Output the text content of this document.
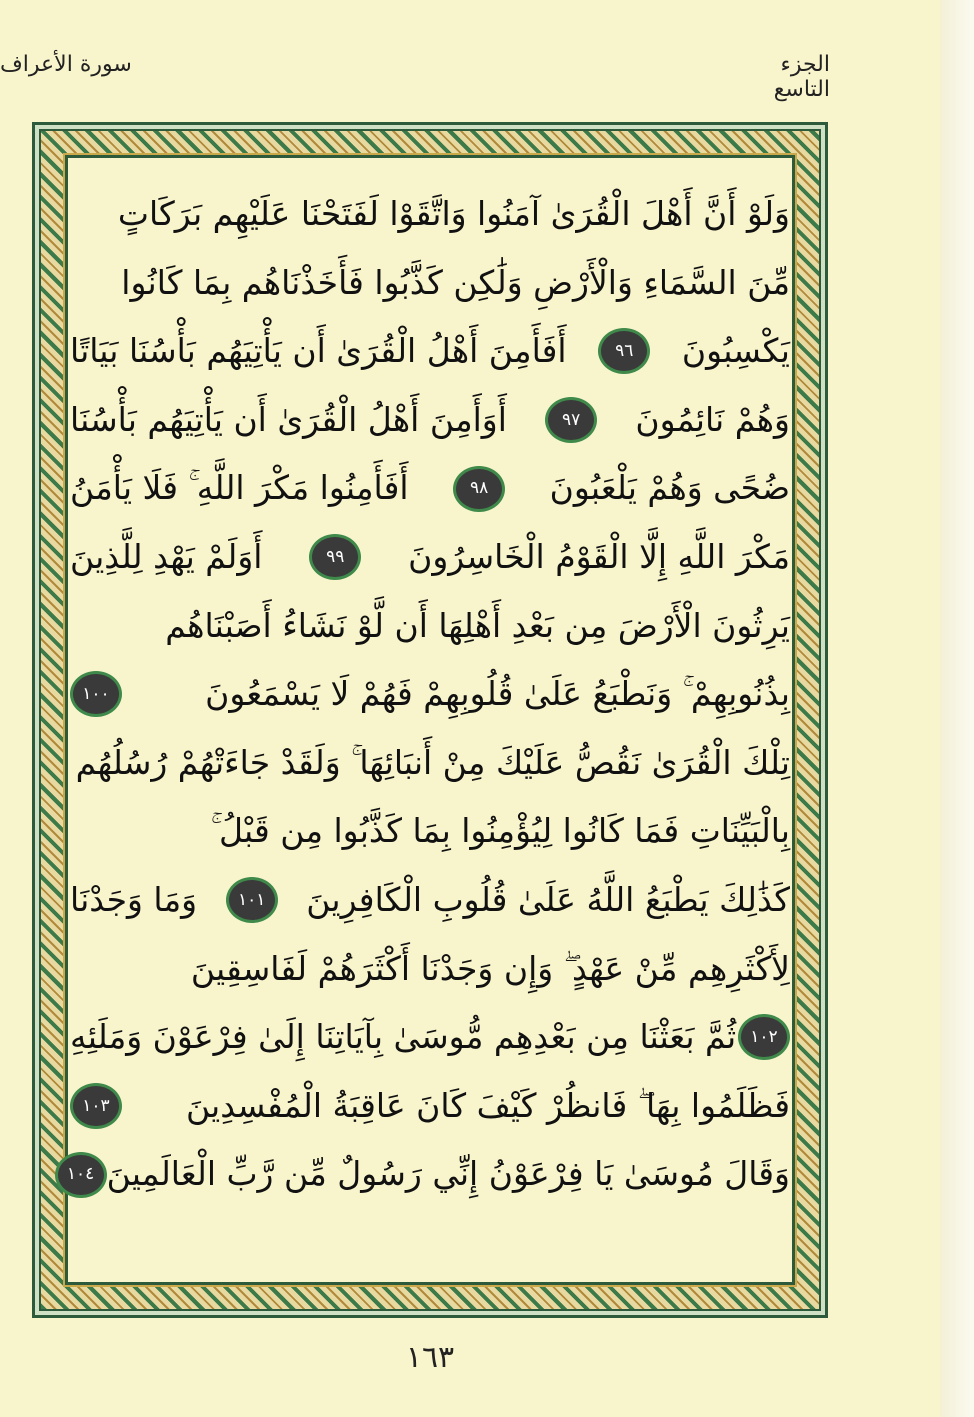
الجزء التاسع
سورة الأعراف
وَلَوْ أَنَّ أَهْلَ الْقُرَىٰ آمَنُوا وَاتَّقَوْا لَفَتَحْنَا عَلَيْهِم بَرَكَاتٍ
مِّنَ السَّمَاءِ وَالْأَرْضِ وَلَٰكِن كَذَّبُوا فَأَخَذْنَاهُم بِمَا كَانُوا
يَكْسِبُونَ
٩٦
أَفَأَمِنَ أَهْلُ الْقُرَىٰ أَن يَأْتِيَهُم بَأْسُنَا بَيَاتًا
وَهُمْ نَائِمُونَ
٩٧
أَوَأَمِنَ أَهْلُ الْقُرَىٰ أَن يَأْتِيَهُم بَأْسُنَا
ضُحًى وَهُمْ يَلْعَبُونَ
٩٨
أَفَأَمِنُوا مَكْرَ اللَّهِ ۚ فَلَا يَأْمَنُ
مَكْرَ اللَّهِ إِلَّا الْقَوْمُ الْخَاسِرُونَ
٩٩
أَوَلَمْ يَهْدِ لِلَّذِينَ
يَرِثُونَ الْأَرْضَ مِن بَعْدِ أَهْلِهَا أَن لَّوْ نَشَاءُ أَصَبْنَاهُم
بِذُنُوبِهِمْ ۚ وَنَطْبَعُ عَلَىٰ قُلُوبِهِمْ فَهُمْ لَا يَسْمَعُونَ
١٠٠
تِلْكَ الْقُرَىٰ نَقُصُّ عَلَيْكَ مِنْ أَنبَائِهَا ۚ وَلَقَدْ جَاءَتْهُمْ رُسُلُهُم
بِالْبَيِّنَاتِ فَمَا كَانُوا لِيُؤْمِنُوا بِمَا كَذَّبُوا مِن قَبْلُ ۚ
كَذَٰلِكَ يَطْبَعُ اللَّهُ عَلَىٰ قُلُوبِ الْكَافِرِينَ
١٠١
وَمَا وَجَدْنَا
لِأَكْثَرِهِم مِّنْ عَهْدٍ ۖ وَإِن وَجَدْنَا أَكْثَرَهُمْ لَفَاسِقِينَ
١٠٢
ثُمَّ بَعَثْنَا مِن بَعْدِهِم مُّوسَىٰ بِآيَاتِنَا إِلَىٰ فِرْعَوْنَ وَمَلَئِهِ
فَظَلَمُوا بِهَا ۖ فَانظُرْ كَيْفَ كَانَ عَاقِبَةُ الْمُفْسِدِينَ
١٠٣
وَقَالَ مُوسَىٰ يَا فِرْعَوْنُ إِنِّي رَسُولٌ مِّن رَّبِّ الْعَالَمِينَ
١٠٤
١٦٣
